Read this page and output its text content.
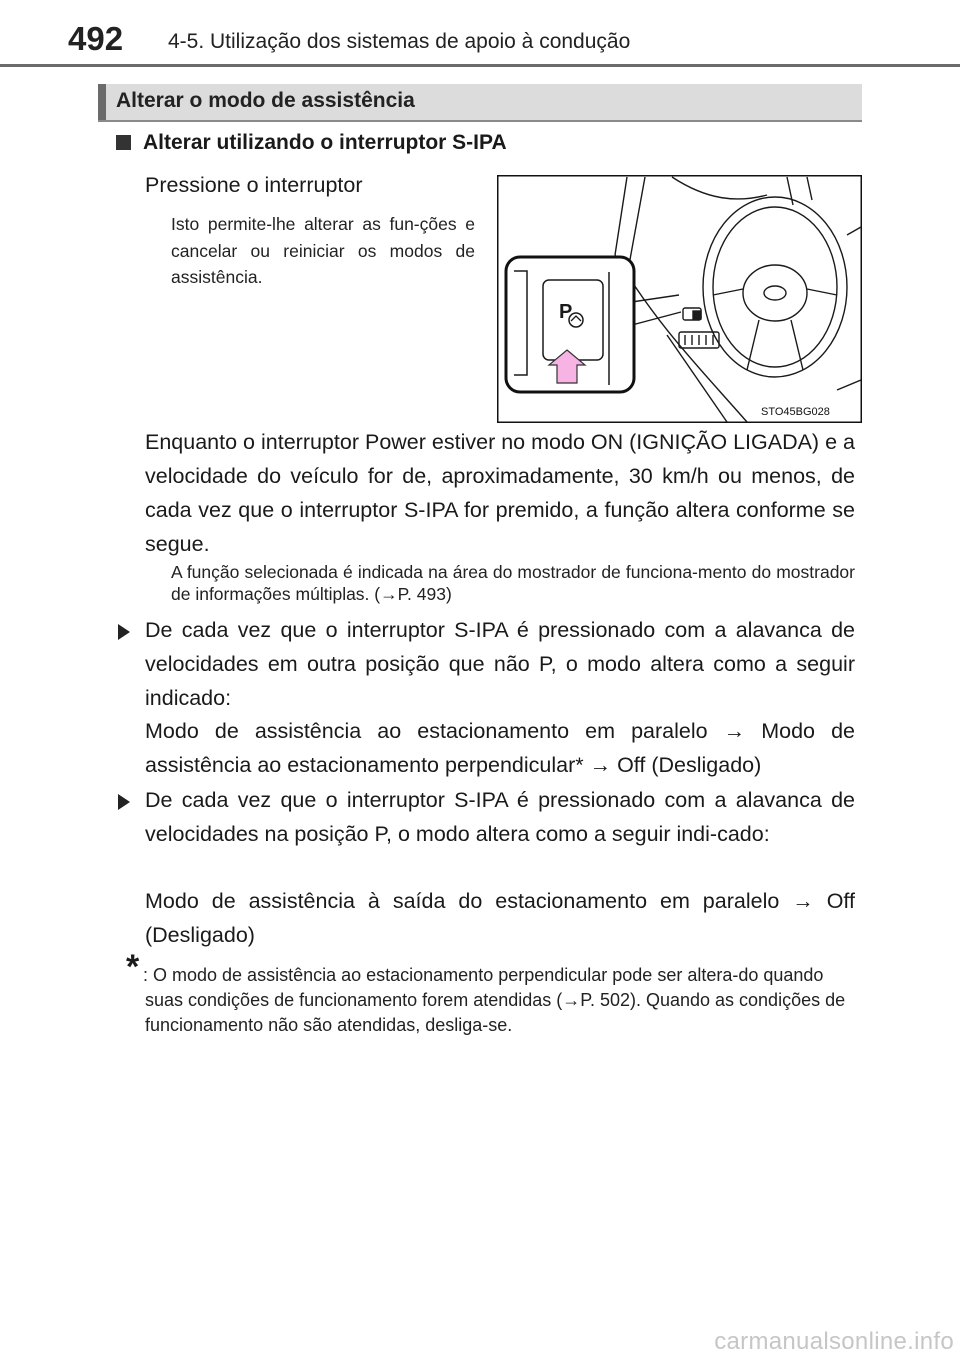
492 4-5. Utilização dos sistemas de apoio à condução
Alterar o modo de assistência
Alterar utilizando o interruptor S-IPA
Pressione o interruptor
Isto permite-lhe alterar as fun-ções e cancelar ou reiniciar os modos de assistência.
P
STO45BG028
Enquanto o interruptor Power estiver no modo ON (IGNIÇÃO LIGADA) e a velocidade do veículo for de, aproximadamente, 30 km/h ou menos, de cada vez que o interruptor S-IPA for premido, a função altera conforme se segue.
A função selecionada é indicada na área do mostrador de funciona-mento do mostrador de informações múltiplas. (→P. 493)
De cada vez que o interruptor S-IPA é pressionado com a alavanca de velocidades em outra posição que não P, o modo altera como a seguir indicado:
Modo de assistência ao estacionamento em paralelo → Modo de assistência ao estacionamento perpendicular* → Off (Desligado)
De cada vez que o interruptor S-IPA é pressionado com a alavanca de velocidades na posição P, o modo altera como a seguir indi-cado:
Modo de assistência à saída do estacionamento em paralelo → Off (Desligado)
* : O modo de assistência ao estacionamento perpendicular pode ser altera-do quando suas condições de funcionamento forem atendidas (→P. 502). Quando as condições de funcionamento não são atendidas, desliga-se.
carmanualsonline.info
